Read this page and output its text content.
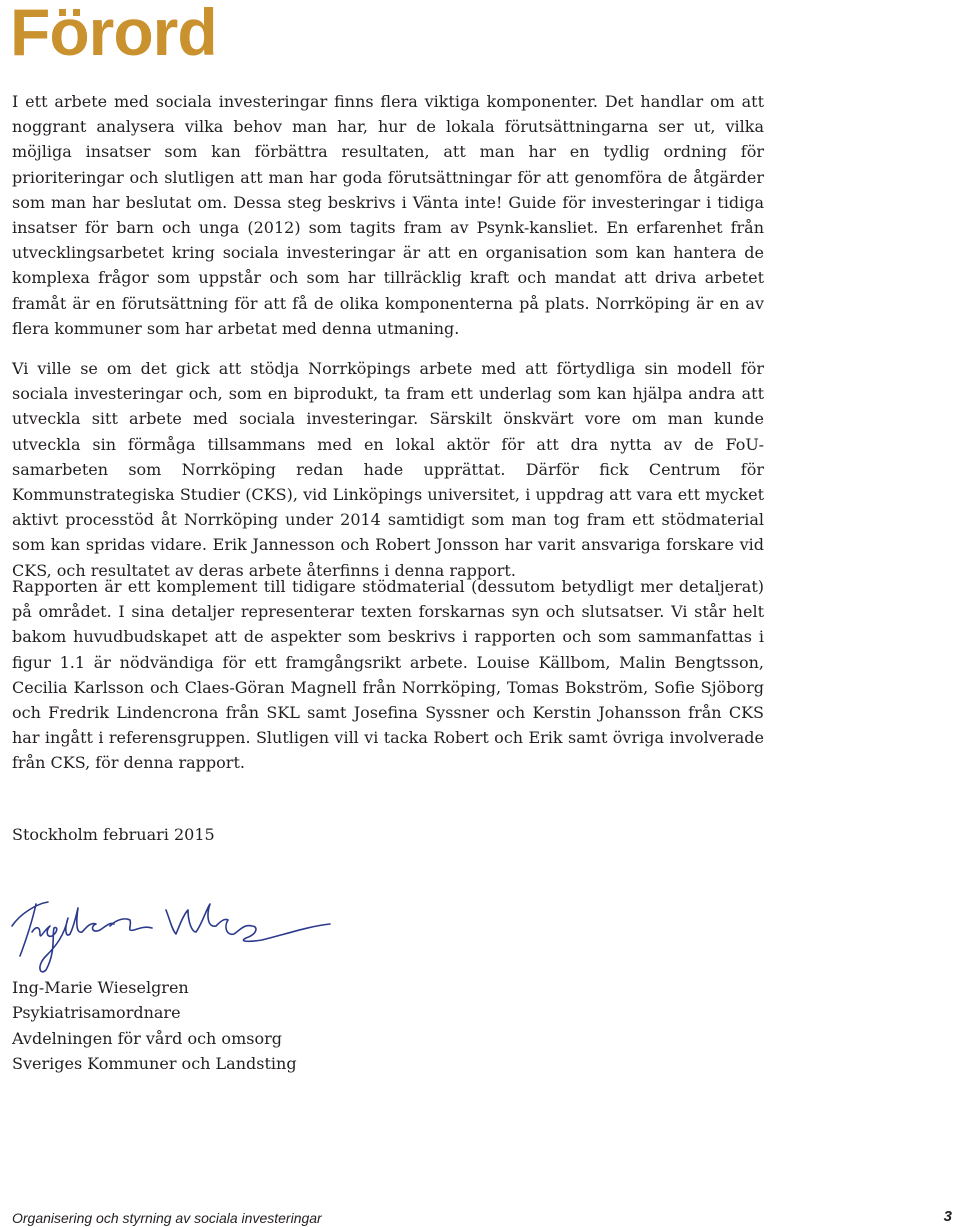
Förord

I ett arbete med sociala investeringar finns flera viktiga komponenter. Det handlar om att noggrant analysera vilka behov man har, hur de lokala förutsättningarna ser ut, vilka möjliga insatser som kan förbättra resultaten, att man har en tydlig ordning för prioriteringar och slutligen att man har goda förutsättningar för att genomföra de åtgärder som man har beslutat om. Dessa steg beskrivs i Vänta inte! Guide för investeringar i tidiga insatser för barn och unga (2012) som tagits fram av Psynk-kansliet. En erfarenhet från utvecklingsarbetet kring sociala investeringar är att en organisation som kan hantera de komplexa frågor som uppstår och som har tillräcklig kraft och mandat att driva arbetet framåt är en förutsättning för att få de olika komponenterna på plats. Norrköping är en av flera kommuner som har arbetat med denna utmaning.

Vi ville se om det gick att stödja Norrköpings arbete med att förtydliga sin modell för sociala investeringar och, som en biprodukt, ta fram ett underlag som kan hjälpa andra att utveckla sitt arbete med sociala investeringar. Särskilt önskvärt vore om man kunde utveckla sin förmåga tillsammans med en lokal aktör för att dra nytta av de FoU-samarbeten som Norrköping redan hade upprättat. Därför fick Centrum för Kommunstrategiska Studier (CKS), vid Linköpings universitet, i uppdrag att vara ett mycket aktivt processtöd åt Norrköping under 2014 samtidigt som man tog fram ett stödmaterial som kan spridas vidare. Erik Jannesson och Robert Jonsson har varit ansvariga forskare vid CKS, och resultatet av deras arbete återfinns i denna rapport.

Rapporten är ett komplement till tidigare stödmaterial (dessutom betydligt mer detaljerat) på området. I sina detaljer representerar texten forskarnas syn och slutsatser. Vi står helt bakom huvudbudskapet att de aspekter som beskrivs i rapporten och som sammanfattas i figur 1.1 är nödvändiga för ett framgångsrikt arbete. Louise Källbom, Malin Bengtsson, Cecilia Karlsson och Claes-Göran Magnell från Norrköping, Tomas Bokström, Sofie Sjöborg och Fredrik Lindencrona från SKL samt Josefina Syssner och Kerstin Johansson från CKS har ingått i referensgruppen. Slutligen vill vi tacka Robert och Erik samt övriga involverade från CKS, för denna rapport.

Stockholm februari 2015

Ing-Marie Wieselgren
Psykiatrisamordnare
Avdelningen för vård och omsorg
Sveriges Kommuner och Landsting
Organisering och styrning av sociala investeringar	3
